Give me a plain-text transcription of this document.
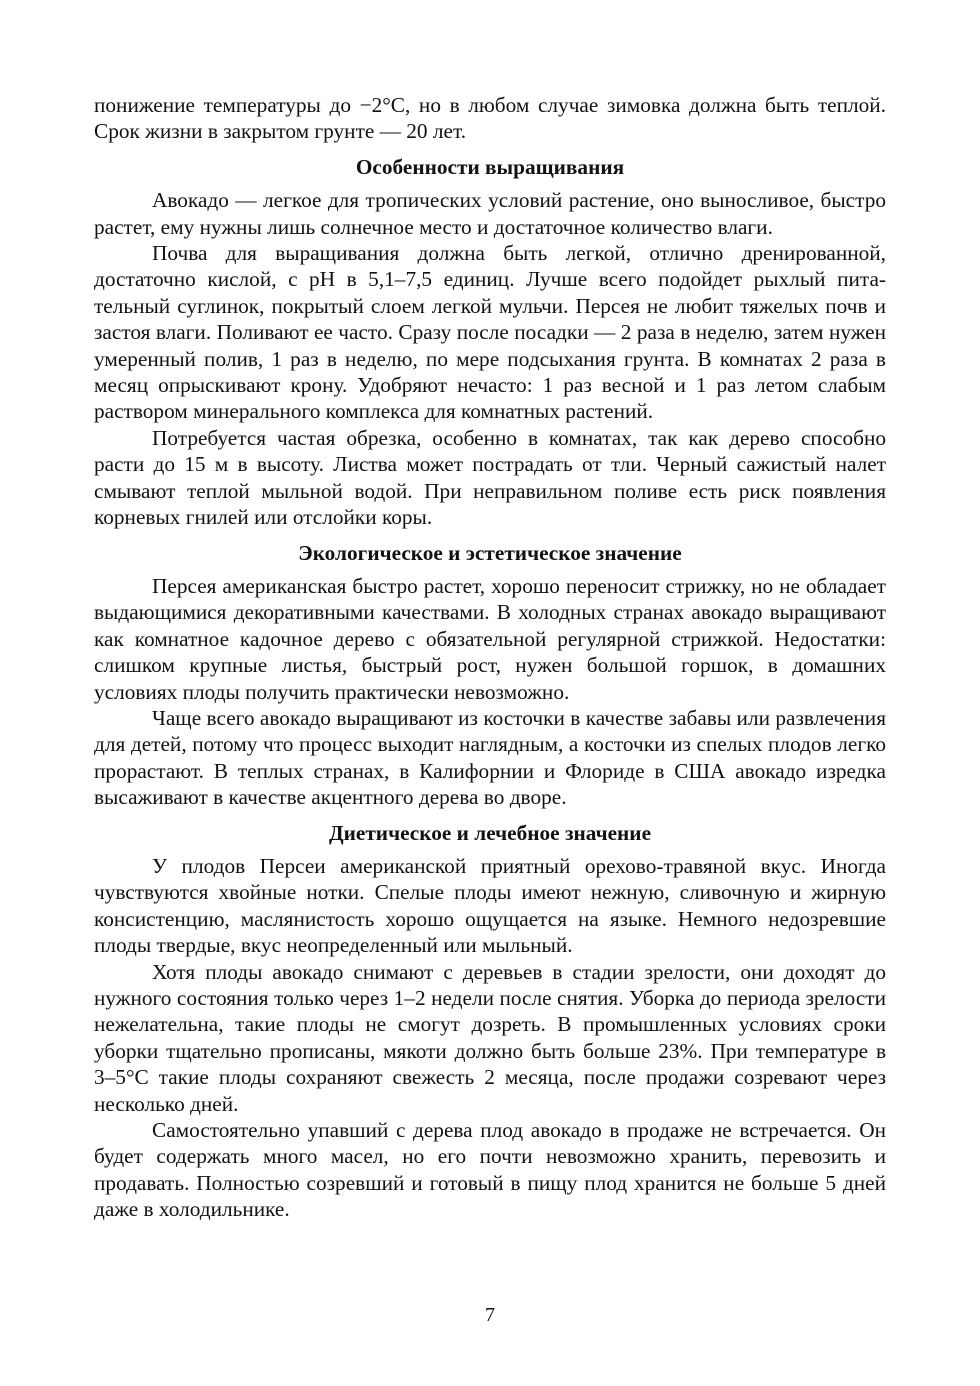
понижение температуры до −2°С, но в любом случае зимовка должна быть теплой. Срок жизни в закрытом грунте — 20 лет.

Особенности выращивания

Авокадо — легкое для тропических условий растение, оно выносливое, быстро растет, ему нужны лишь солнечное место и достаточное количество влаги.

Почва для выращивания должна быть легкой, отлично дренированной, достаточно кислой, с pH в 5,1–7,5 единиц. Лучше всего подойдет рыхлый питательный суглинок, покрытый слоем легкой мульчи. Персея не любит тяжелых почв и застоя влаги. Поливают ее часто. Сразу после посадки — 2 раза в неделю, затем нужен умеренный полив, 1 раз в неделю, по мере подсыхания грунта. В комнатах 2 раза в месяц опрыскивают крону. Удобряют нечасто: 1 раз весной и 1 раз летом слабым раствором минерального комплекса для комнатных растений.

Потребуется частая обрезка, особенно в комнатах, так как дерево способно расти до 15 м в высоту. Листва может пострадать от тли. Черный сажистый налет смывают теплой мыльной водой. При неправильном поливе есть риск появления корневых гнилей или отслойки коры.

Экологическое и эстетическое значение

Персея американская быстро растет, хорошо переносит стрижку, но не обладает выдающимися декоративными качествами. В холодных странах авокадо выращивают как комнатное кадочное дерево с обязательной регулярной стрижкой. Недостатки: слишком крупные листья, быстрый рост, нужен большой горшок, в домашних условиях плоды получить практически невозможно.

Чаще всего авокадо выращивают из косточки в качестве забавы или развлечения для детей, потому что процесс выходит наглядным, а косточки из спелых плодов легко прорастают. В теплых странах, в Калифорнии и Флориде в США авокадо изредка высаживают в качестве акцентного дерева во дворе.

Диетическое и лечебное значение

У плодов Персеи американской приятный орехово-травяной вкус. Иногда чувствуются хвойные нотки. Спелые плоды имеют нежную, сливочную и жирную консистенцию, маслянистость хорошо ощущается на языке. Немного недозревшие плоды твердые, вкус неопределенный или мыльный.

Хотя плоды авокадо снимают с деревьев в стадии зрелости, они доходят до нужного состояния только через 1–2 недели после снятия. Уборка до периода зрелости нежелательна, такие плоды не смогут дозреть. В промышленных условиях сроки уборки тщательно прописаны, мякоти должно быть больше 23%. При температуре в 3–5°С такие плоды сохраняют свежесть 2 месяца, после продажи созревают через несколько дней.

Самостоятельно упавший с дерева плод авокадо в продаже не встречается. Он будет содержать много масел, но его почти невозможно хранить, перевозить и продавать. Полностью созревший и готовый в пищу плод хранится не больше 5 дней даже в холодильнике.

7
